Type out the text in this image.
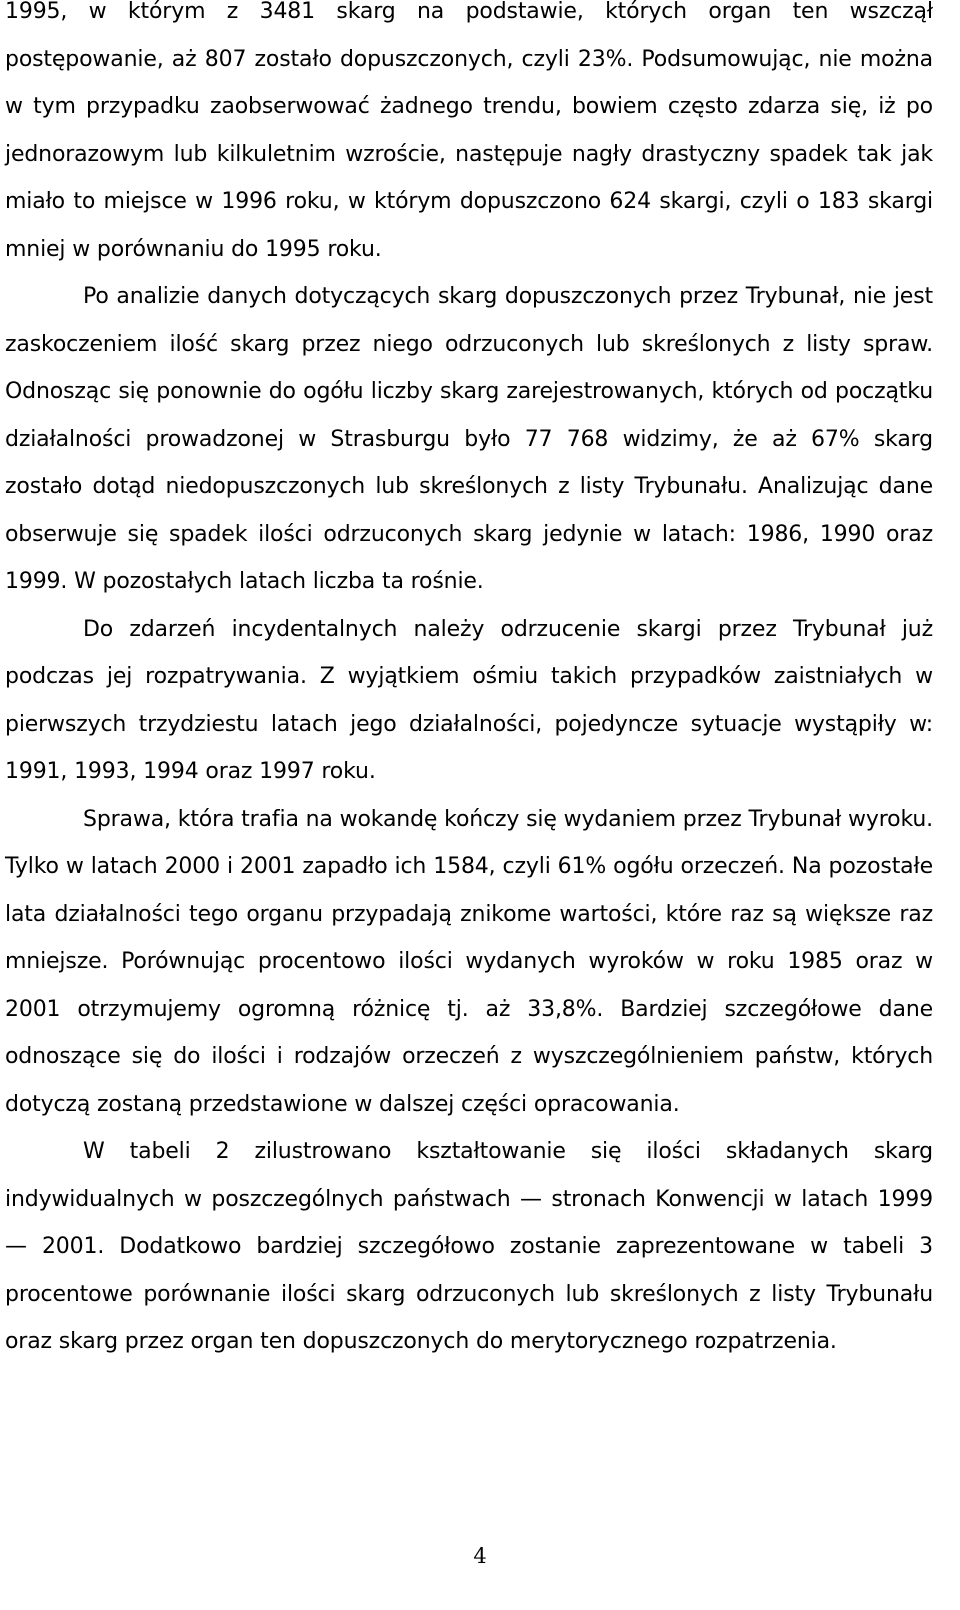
1995, w którym z 3481 skarg na podstawie, których organ ten wszczął postępowanie, aż 807 zostało dopuszczonych, czyli 23%. Podsumowując, nie można w tym przypadku zaobserwować żadnego trendu, bowiem często zdarza się, iż po jednorazowym lub kilkuletnim wzroście, następuje nagły drastyczny spadek tak jak miało to miejsce w 1996 roku, w którym dopuszczono 624 skargi, czyli o 183 skargi mniej w porównaniu do 1995 roku.

Po analizie danych dotyczących skarg dopuszczonych przez Trybunał, nie jest zaskoczeniem ilość skarg przez niego odrzuconych lub skreślonych z listy spraw. Odnosząc się ponownie do ogółu liczby skarg zarejestrowanych, których od początku działalności prowadzonej w Strasburgu było 77 768 widzimy, że aż 67% skarg zostało dotąd niedopuszczonych lub skreślonych z listy Trybunału. Analizując dane obserwuje się spadek ilości odrzuconych skarg jedynie w latach: 1986, 1990 oraz 1999. W pozostałych latach liczba ta rośnie.

Do zdarzeń incydentalnych należy odrzucenie skargi przez Trybunał już podczas jej rozpatrywania. Z wyjątkiem ośmiu takich przypadków zaistniałych w pierwszych trzydziestu latach jego działalności, pojedyncze sytuacje wystąpiły w: 1991, 1993, 1994 oraz 1997 roku.

Sprawa, która trafia na wokandę kończy się wydaniem przez Trybunał wyroku. Tylko w latach 2000 i 2001 zapadło ich 1584, czyli 61% ogółu orzeczeń. Na pozostałe lata działalności tego organu przypadają znikome wartości, które raz są większe raz mniejsze. Porównując procentowo ilości wydanych wyroków w roku 1985 oraz w 2001 otrzymujemy ogromną różnicę tj. aż 33,8%. Bardziej szczegółowe dane odnoszące się do ilości i rodzajów orzeczeń z wyszczególnieniem państw, których dotyczą zostaną przedstawione w dalszej części opracowania.

W tabeli 2 zilustrowano kształtowanie się ilości składanych skarg indywidualnych w poszczególnych państwach — stronach Konwencji w latach 1999 — 2001. Dodatkowo bardziej szczegółowo zostanie zaprezentowane w tabeli 3 procentowe porównanie ilości skarg odrzuconych lub skreślonych z listy Trybunału oraz skarg przez organ ten dopuszczonych do merytorycznego rozpatrzenia.

4
